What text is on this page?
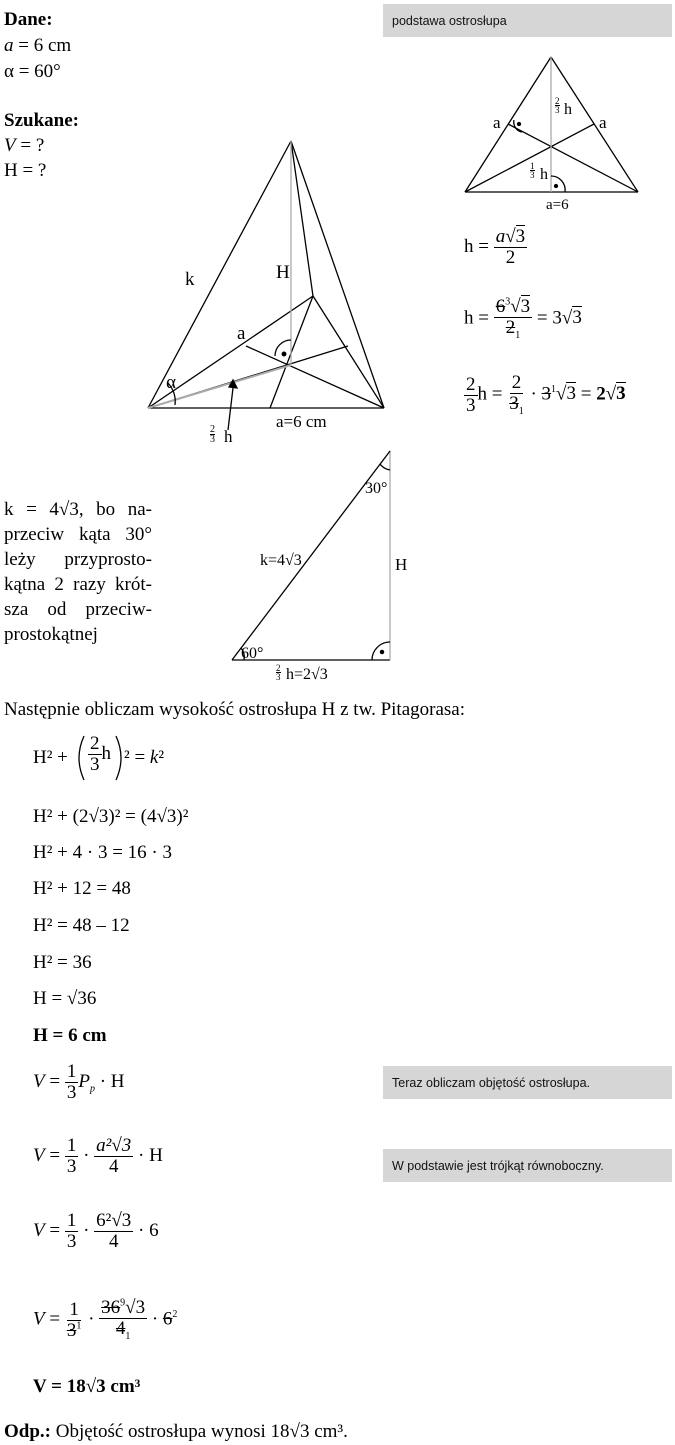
Dane:
a = 6 cm
α = 60°
Szukane:
V = ?
H = ?
podstawa ostrosłupa
Teraz obliczam objętość ostrosłupa.
W podstawie jest trójkąt równoboczny.
k	H
a
α
a=6 cm
2
3 h
a	a
a=6
2
3 h
1
3 h
$h = \frac{a√3}{2}$
$h = \frac{6^3√3}{2_1} = 3√3$
$\frac{2}{3}$ $h = \frac{2}{3_1} \cdot 3^1√3 = 2√3$
k = 4√3, bo na- przeciw kąta 30° leży przyprosto-kątna 2 razy krót-sza od przeciw-prostokątnej
30°
k=4√3	H
60°
2
3 h=2√3
Następnie obliczam wysokość ostrosłupa H z tw. Pitagorasa:
$H^2 + \frac{2}{3}$ h ² = k²
H² + (2√3)² = (4√3)²
H² + 4 · 3 = 16 · 3
H² + 12 = 48
H² = 48 – 12
H² = 36
H = √36
H = 6 cm
$V = \frac{1}{3} P_p \cdot H$
$V = \frac{1}{3} \cdot \frac{\text{a²√3}}{4} \cdot H$
$V = \frac{1}{3} \cdot \frac{\text{6²√3}}{4} \cdot 6$
$V = \frac{1}{3^1} \cdot \frac{36^9√3}{4_1} \cdot 6^2$
V = 18√3 cm³
Odp.: Objętość ostrosłupa wynosi 18√3 cm³.
